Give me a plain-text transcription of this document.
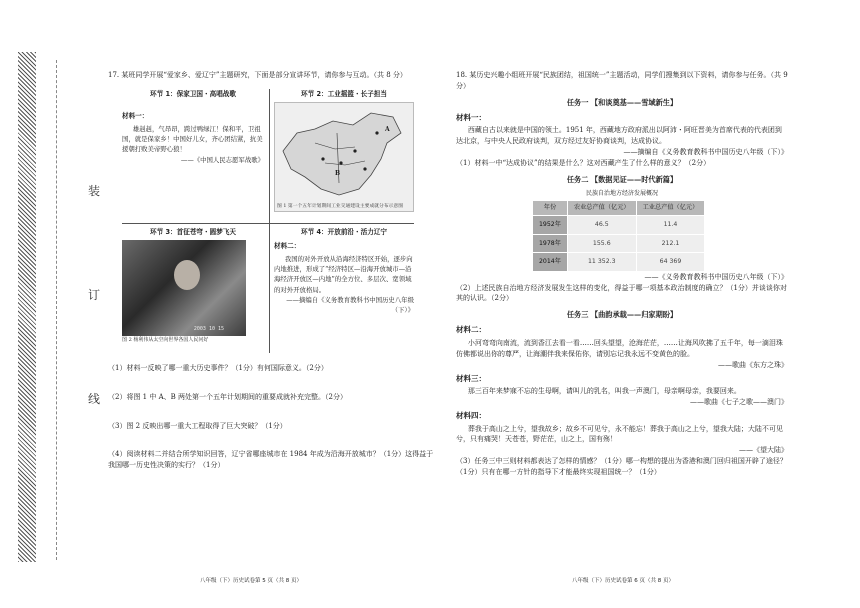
装
订
线

17. 某班同学开展“爱家乡、爱辽宁”主题研究，下面是部分宣讲环节，请你参与互动。（共 8 分）

环节 1：保家卫国・高唱战歌
材料一：

雄赳赳，气昂昂，跨过鸭绿江！保和平，卫祖国，就是保家乡！中国好儿女，齐心团结紧，抗美援朝打败美帝野心狼！

——《中国人民志愿军战歌》

环节 2：工业摇篮・长子担当
A
B
图 1 第一个五年计划期间工业交通建设主要成就分布示意图
环节 3：首征苍穹・圆梦飞天
2003 10 15
图 2 杨利伟从太空向世界各国人民问好
环节 4：开放前沿・活力辽宁
材料二：

我国的对外开放从沿海经济特区开始，逐步向内地推进，形成了“经济特区—沿海开放城市—沿海经济开放区—内地”的全方位、多层次、宽领域的对外开放格局。

——摘编自《义务教育教科书中国历史八年级（下）》

（1）材料一反映了哪一重大历史事件？（1分）有何国际意义。（2分）

（2）将图 1 中 A、B 两处第一个五年计划期间的重要成就补充完整。（2分）

（3）图 2 反映出哪一重大工程取得了巨大突破？（1分）

（4）阅读材料二并结合所学知识回答，辽宁省哪座城市在 1984 年成为沿海开放城市？（1分）这得益于我国哪一历史性决策的实行？（1分）

八年级（下）历史试卷第 5 页（共 8 页）

18. 某历史兴趣小组班开展“民族团结，祖国统一”主题活动，同学们搜集到以下资料，请你参与任务。（共 9 分）

任务一 【和谈奠基——雪域新生】
材料一：

西藏自古以来就是中国的领土。1951 年，西藏地方政府派出以阿沛・阿旺晋美为首席代表的代表团到达北京，与中央人民政府谈判，双方经过友好协商谈判，达成协议。

——摘编自《义务教育教科书中国历史八年级（下）》

（1）材料一中“达成协议”的结果是什么？这对西藏产生了什么样的意义？（2分）

任务二 【数据见证——时代新篇】
民族自治地方经济发展概况
年份	农业总产值（亿元）	工业总产值（亿元）
1952年	46.5	11.4
1978年	155.6	212.1
2014年	11 352.3	64 369

——《义务教育教科书中国历史八年级（下）》

（2）上述民族自治地方经济发展发生这样的变化，得益于哪一项基本政治制度的确立？（1分）并谈谈你对其的认识。（2分）

任务三 【曲韵承载——归家期盼】
材料二：

小河弯弯向南流，流到香江去看一看……回头望望，沧海茫茫，……让海风吹拂了五千年，每一滴泪珠仿佛都说出你的尊严，让海潮伴我来保佑你，请别忘记我永远不变黄色的脸。

——歌曲《东方之珠》

材料三：

那三百年来梦寐不忘的生母啊，请叫儿的乳名，叫我一声澳门，母亲啊母亲，我要回来。

——歌曲《七子之歌——澳门》

材料四：

葬我于高山之上兮，望我故乡；故乡不可见兮，永不能忘！葬我于高山之上兮，望我大陆；大陆不可见兮，只有痛哭！天苍苍，野茫茫，山之上，国有殇！

——《望大陆》

（3）任务三中三则材料都表达了怎样的情感？（1分）哪一构想的提出为香港和澳门回归祖国开辟了途径？（1分）只有在哪一方针的指导下才能最终实现祖国统一？（1分）

八年级（下）历史试卷第 6 页（共 8 页）
